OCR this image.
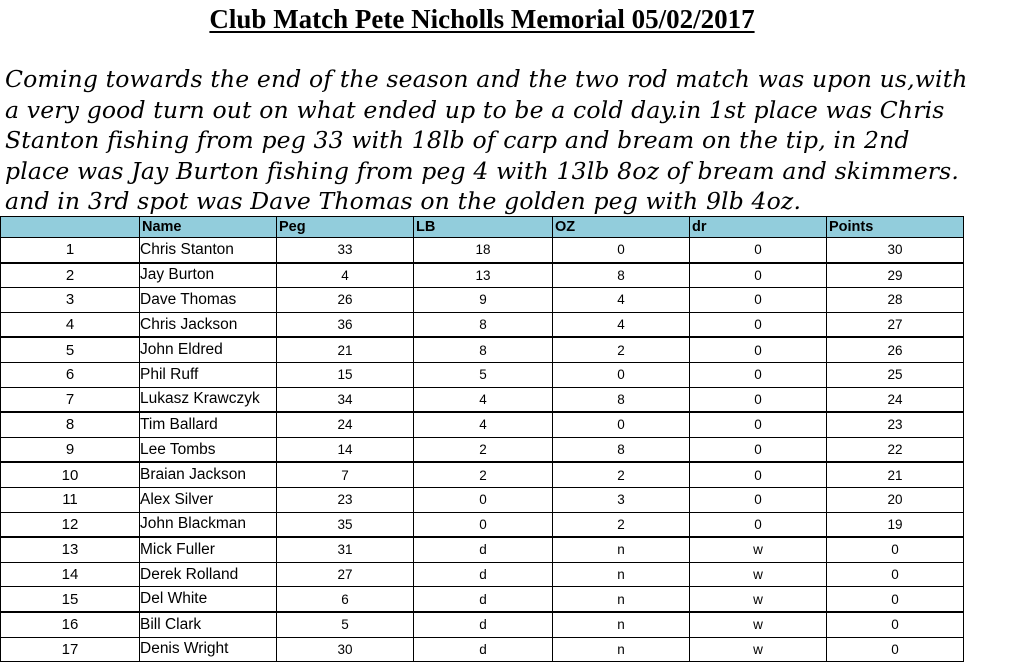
Club Match Pete Nicholls Memorial 05/02/2017

Coming towards the end of the season and the two rod match was upon us,with a very good turn out on what ended up to be a cold day.in 1st place was Chris Stanton fishing from peg 33 with 18lb of carp and bream on the tip, in 2nd place was Jay Burton fishing from peg 4 with 13lb 8oz of bream and skimmers. and in 3rd spot was Dave Thomas on the golden peg with 9lb 4oz.

	Name	Peg	LB	OZ	dr	Points
1	Chris Stanton	33	18	0	0	30
2	Jay Burton	4	13	8	0	29
3	Dave Thomas	26	9	4	0	28
4	Chris Jackson	36	8	4	0	27
5	John Eldred	21	8	2	0	26
6	Phil Ruff	15	5	0	0	25
7	Lukasz Krawczyk	34	4	8	0	24
8	Tim Ballard	24	4	0	0	23
9	Lee Tombs	14	2	8	0	22
10	Braian Jackson	7	2	2	0	21
11	Alex Silver	23	0	3	0	20
12	John Blackman	35	0	2	0	19
13	Mick Fuller	31	d	n	w	0
14	Derek Rolland	27	d	n	w	0
15	Del White	6	d	n	w	0
16	Bill Clark	5	d	n	w	0
17	Denis Wright	30	d	n	w	0
